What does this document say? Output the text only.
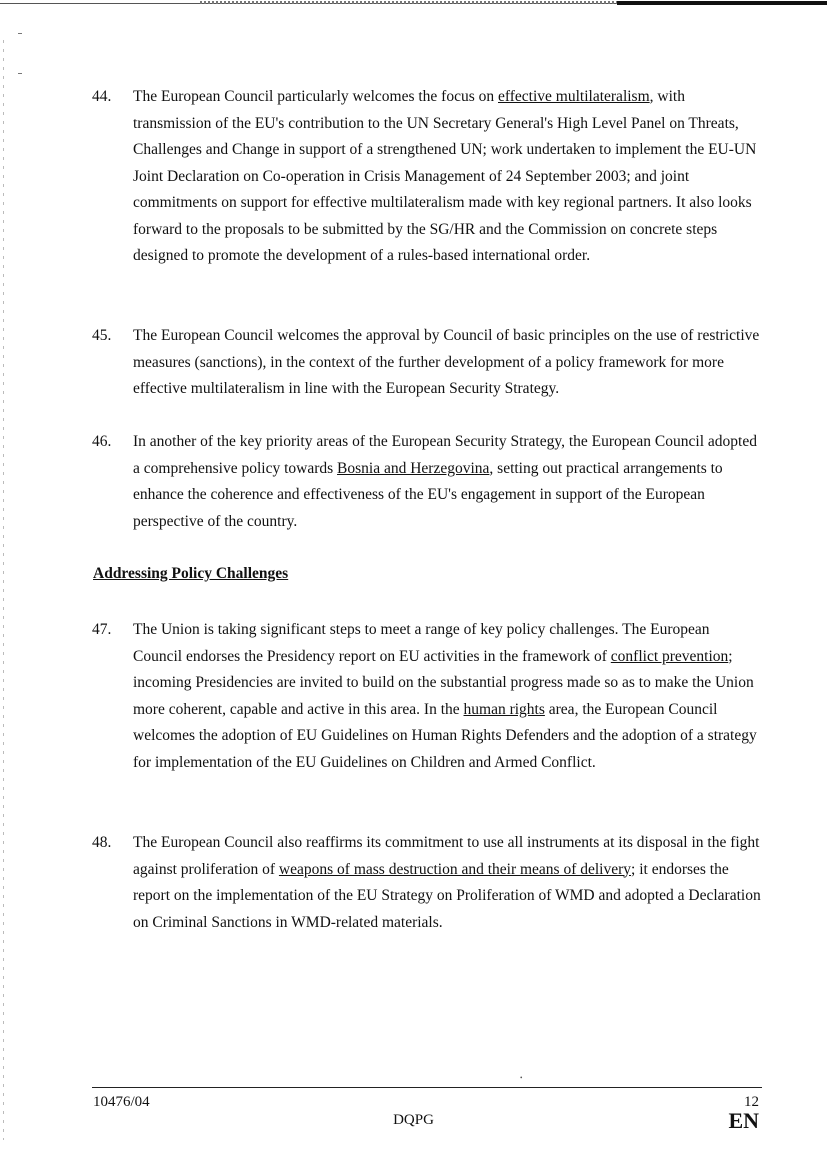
44. The European Council particularly welcomes the focus on effective multilateralism, with transmission of the EU's contribution to the UN Secretary General's High Level Panel on Threats, Challenges and Change in support of a strengthened UN; work undertaken to implement the EU-UN Joint Declaration on Co-operation in Crisis Management of 24 September 2003; and joint commitments on support for effective multilateralism made with key regional partners. It also looks forward to the proposals to be submitted by the SG/HR and the Commission on concrete steps designed to promote the development of a rules-based international order.
45. The European Council welcomes the approval by Council of basic principles on the use of restrictive measures (sanctions), in the context of the further development of a policy framework for more effective multilateralism in line with the European Security Strategy.
46. In another of the key priority areas of the European Security Strategy, the European Council adopted a comprehensive policy towards Bosnia and Herzegovina, setting out practical arrangements to enhance the coherence and effectiveness of the EU's engagement in support of the European perspective of the country.
Addressing Policy Challenges
47. The Union is taking significant steps to meet a range of key policy challenges. The European Council endorses the Presidency report on EU activities in the framework of conflict prevention; incoming Presidencies are invited to build on the substantial progress made so as to make the Union more coherent, capable and active in this area. In the human rights area, the European Council welcomes the adoption of EU Guidelines on Human Rights Defenders and the adoption of a strategy for implementation of the EU Guidelines on Children and Armed Conflict.
48. The European Council also reaffirms its commitment to use all instruments at its disposal in the fight against proliferation of weapons of mass destruction and their means of delivery; it endorses the report on the implementation of the EU Strategy on Proliferation of WMD and adopted a Declaration on Criminal Sanctions in WMD-related materials.
•
10476/04
DQPG
12
EN
